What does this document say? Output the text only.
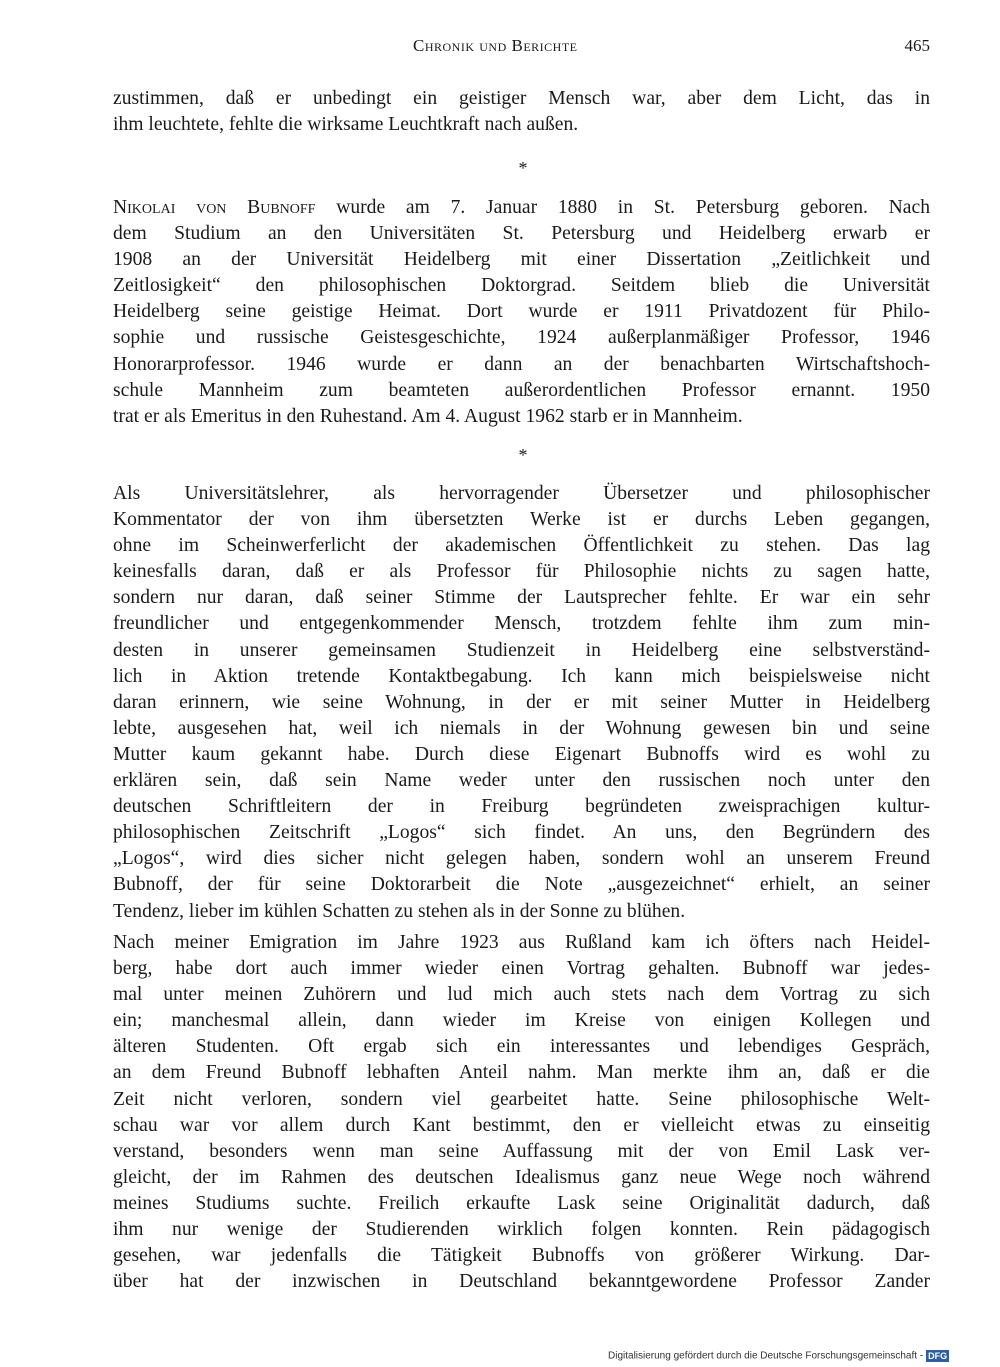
Chronik und Berichte	465
zustimmen, daß er unbedingt ein geistiger Mensch war, aber dem Licht, das in
ihm leuchtete, fehlte die wirksame Leuchtkraft nach außen.
*
Nikolai von Bubnoff wurde am 7. Januar 1880 in St. Petersburg geboren. Nach
dem Studium an den Universitäten St. Petersburg und Heidelberg erwarb er
1908 an der Universität Heidelberg mit einer Dissertation „Zeitlichkeit und
Zeitlosigkeit“ den philosophischen Doktorgrad. Seitdem blieb die Universität
Heidelberg seine geistige Heimat. Dort wurde er 1911 Privatdozent für Philo-
sophie und russische Geistesgeschichte, 1924 außerplanmäßiger Professor, 1946
Honorarprofessor. 1946 wurde er dann an der benachbarten Wirtschaftshoch-
schule Mannheim zum beamteten außerordentlichen Professor ernannt. 1950
trat er als Emeritus in den Ruhestand. Am 4. August 1962 starb er in Mannheim.
*
Als Universitätslehrer, als hervorragender Übersetzer und philosophischer
Kommentator der von ihm übersetzten Werke ist er durchs Leben gegangen,
ohne im Scheinwerferlicht der akademischen Öffentlichkeit zu stehen. Das lag
keinesfalls daran, daß er als Professor für Philosophie nichts zu sagen hatte,
sondern nur daran, daß seiner Stimme der Lautsprecher fehlte. Er war ein sehr
freundlicher und entgegenkommender Mensch, trotzdem fehlte ihm zum min-
desten in unserer gemeinsamen Studienzeit in Heidelberg eine selbstverständ-
lich in Aktion tretende Kontaktbegabung. Ich kann mich beispielsweise nicht
daran erinnern, wie seine Wohnung, in der er mit seiner Mutter in Heidelberg
lebte, ausgesehen hat, weil ich niemals in der Wohnung gewesen bin und seine
Mutter kaum gekannt habe. Durch diese Eigenart Bubnoffs wird es wohl zu
erklären sein, daß sein Name weder unter den russischen noch unter den
deutschen Schriftleitern der in Freiburg begründeten zweisprachigen kultur-
philosophischen Zeitschrift „Logos“ sich findet. An uns, den Begründern des
„Logos“, wird dies sicher nicht gelegen haben, sondern wohl an unserem Freund
Bubnoff, der für seine Doktorarbeit die Note „ausgezeichnet“ erhielt, an seiner
Tendenz, lieber im kühlen Schatten zu stehen als in der Sonne zu blühen.
Nach meiner Emigration im Jahre 1923 aus Rußland kam ich öfters nach Heidel-
berg, habe dort auch immer wieder einen Vortrag gehalten. Bubnoff war jedes-
mal unter meinen Zuhörern und lud mich auch stets nach dem Vortrag zu sich
ein; manchesmal allein, dann wieder im Kreise von einigen Kollegen und
älteren Studenten. Oft ergab sich ein interessantes und lebendiges Gespräch,
an dem Freund Bubnoff lebhaften Anteil nahm. Man merkte ihm an, daß er die
Zeit nicht verloren, sondern viel gearbeitet hatte. Seine philosophische Welt-
schau war vor allem durch Kant bestimmt, den er vielleicht etwas zu einseitig
verstand, besonders wenn man seine Auffassung mit der von Emil Lask ver-
gleicht, der im Rahmen des deutschen Idealismus ganz neue Wege noch während
meines Studiums suchte. Freilich erkaufte Lask seine Originalität dadurch, daß
ihm nur wenige der Studierenden wirklich folgen konnten. Rein pädagogisch
gesehen, war jedenfalls die Tätigkeit Bubnoffs von größerer Wirkung. Dar-
über hat der inzwischen in Deutschland bekanntgewordene Professor Zander
Digitalisierung gefördert durch die Deutsche Forschungsgemeinschaft - DFG
